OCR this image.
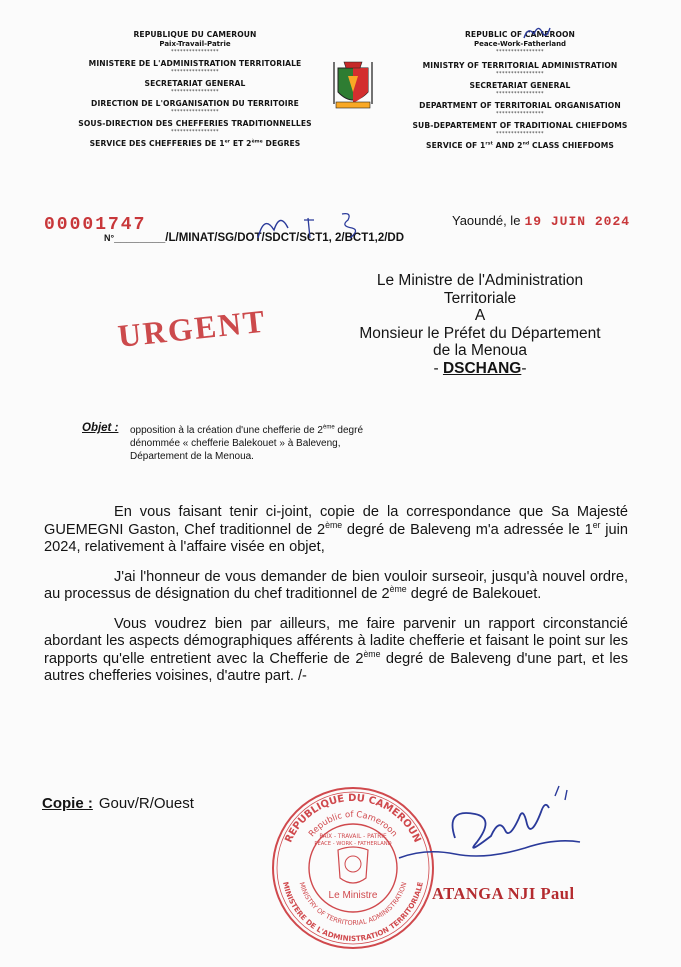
REPUBLIQUE DU CAMEROUN
Paix-Travail-Patrie
****************
MINISTERE DE L'ADMINISTRATION TERRITORIALE
****************
SECRETARIAT GENERAL
****************
DIRECTION DE L'ORGANISATION DU TERRITOIRE
****************
SOUS-DIRECTION DES CHEFFERIES TRADITIONNELLES
****************
SERVICE DES CHEFFERIES DE 1er ET 2ème DEGRES
REPUBLIC OF CAMEROON
Peace-Work-Fatherland
****************
MINISTRY OF TERRITORIAL ADMINISTRATION
****************
SECRETARIAT GENERAL
****************
DEPARTMENT OF TERRITORIAL ORGANISATION
****************
SUB-DEPARTEMENT OF TRADITIONAL CHIEFDOMS
****************
SERVICE OF $1^{rst}$ AND 2nd CLASS CHIEFDOMS
00001747
N°________/L/MINAT/SG/DOT/SDCT/SCT1, 2/BCT1,2/DD
Yaoundé, le 19 JUIN 2024
Le Ministre de l'Administration
Territoriale
A
Monsieur le Préfet du Département
de la Menoua
- DSCHANG-
URGENT
Objet : opposition à la création d'une chefferie de 2ème degré
dénommée « chefferie Balekouet » à Baleveng,
Département de la Menoua.

En vous faisant tenir ci-joint, copie de la correspondance que Sa Majesté GUEMEGNI Gaston, Chef traditionnel de 2ème degré de Baleveng m'a adressée le 1er juin 2024, relativement à l'affaire visée en objet,

J'ai l'honneur de vous demander de bien vouloir surseoir, jusqu'à nouvel ordre, au processus de désignation du chef traditionnel de 2ème degré de Balekouet.

Vous voudrez bien par ailleurs, me faire parvenir un rapport circonstancié abordant les aspects démographiques afférents à ladite chefferie et faisant le point sur les rapports qu'elle entretient avec la Chefferie de 2ème degré de Baleveng d'une part, et les autres chefferies voisines, d'autre part. /-

Copie : Gouv/R/Ouest
REPUBLIQUE DU CAMEROUN
Republic of Cameroon
MINISTERE DE L'ADMINISTRATION TERRITORIALE
MINISTRY OF TERRITORIAL ADMINISTRATION
PAIX - TRAVAIL - PATRIE
PEACE - WORK - FATHERLAND
Le Ministre	ATANGA NJI Paul
